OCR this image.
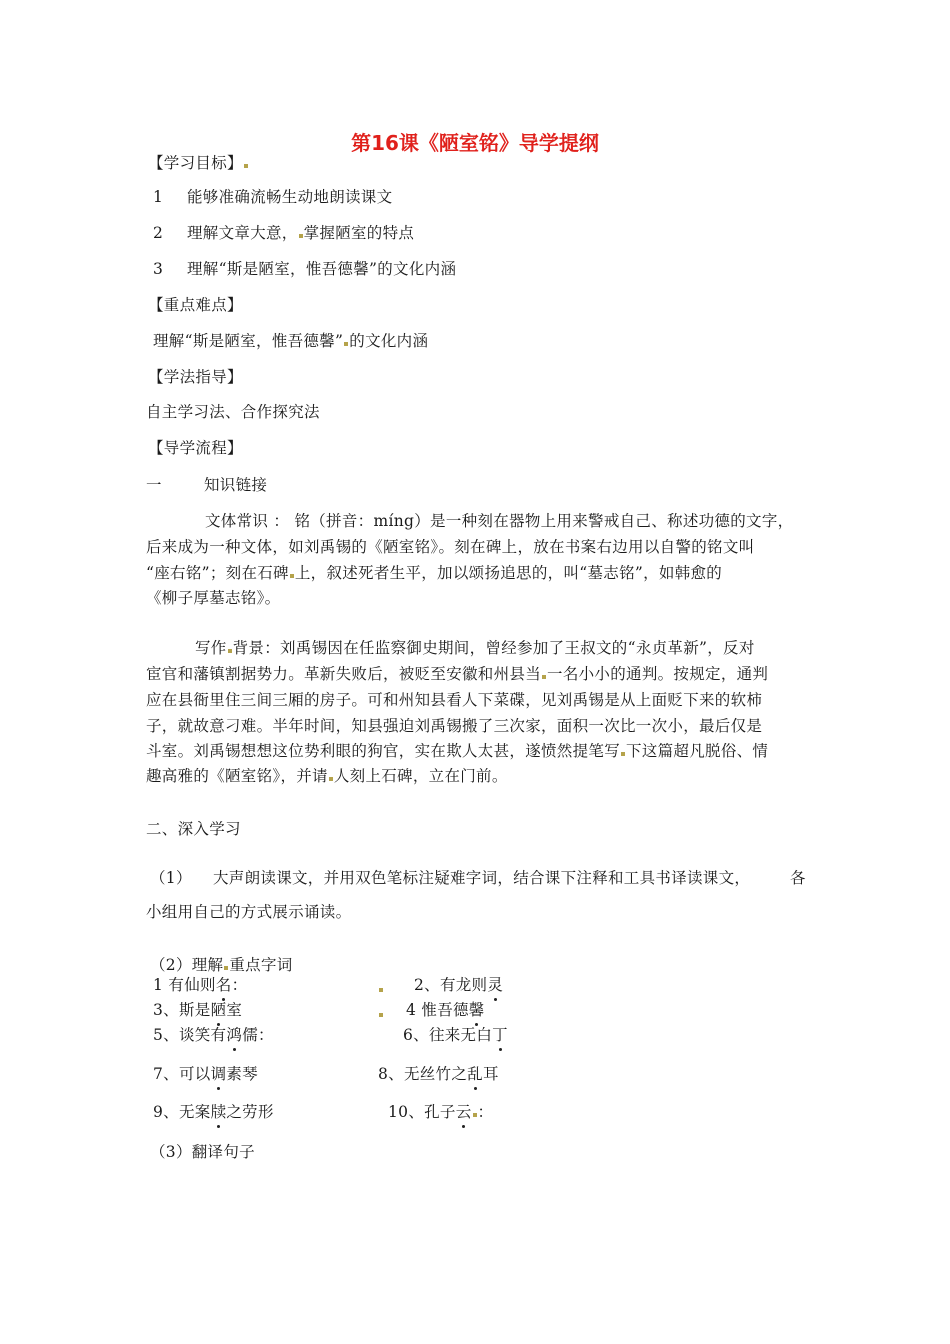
第16课《陋室铭》导学提纲
【学习目标】
1 能够准确流畅生动地朗读课文
2 理解文章大意， 掌握陋室的特点
3 理解“斯是陋室，惟吾德馨”的文化内涵
【重点难点】
理解“斯是陋室，惟吾德馨” 的文化内涵
【学法指导】
自主学习法、合作探究法
【导学流程】
一	知识链接
文体常识 ： 铭（拼音：míng）是一种刻在器物上用来警戒自己、称述功德的文字，
后来成为一种文体，如刘禹锡的《陋室铭》。刻在碑上，放在书案右边用以自警的铭文叫
“座右铭”；刻在石碑 上，叙述死者生平，加以颂扬追思的，叫“墓志铭”，如韩愈的
《柳子厚墓志铭》。
写作 背景：刘禹锡因在任监察御史期间，曾经参加了王叔文的“永贞革新”，反对
宦官和藩镇割据势力。革新失败后，被贬至安徽和州县当 一名小小的通判。按规定，通判
应在县衙里住三间三厢的房子。可和州知县看人下菜碟，见刘禹锡是从上面贬下来的软柿
子，就故意刁难。半年时间，知县强迫刘禹锡搬了三次家，面积一次比一次小，最后仅是
斗室。刘禹锡想想这位势利眼的狗官，实在欺人太甚，遂愤然提笔写 下这篇超凡脱俗、情
趣高雅的《陋室铭》，并请 人刻上石碑，立在门前。
二、深入学习
（1） 大声朗读课文，并用双色笔标注疑难字词，结合课下注释和工具书译读课文，	各
小组用自己的方式展示诵读。
（2）理解 重点字词
1 有仙则名：	2、有龙则灵
3、斯是陋室	4 惟吾德馨
5、谈笑有鸿儒：	6、往来无白丁
7、可以调素琴	8、无丝竹之乱耳
9、无案牍之劳形	10、孔子云 ：
（3）翻译句子
